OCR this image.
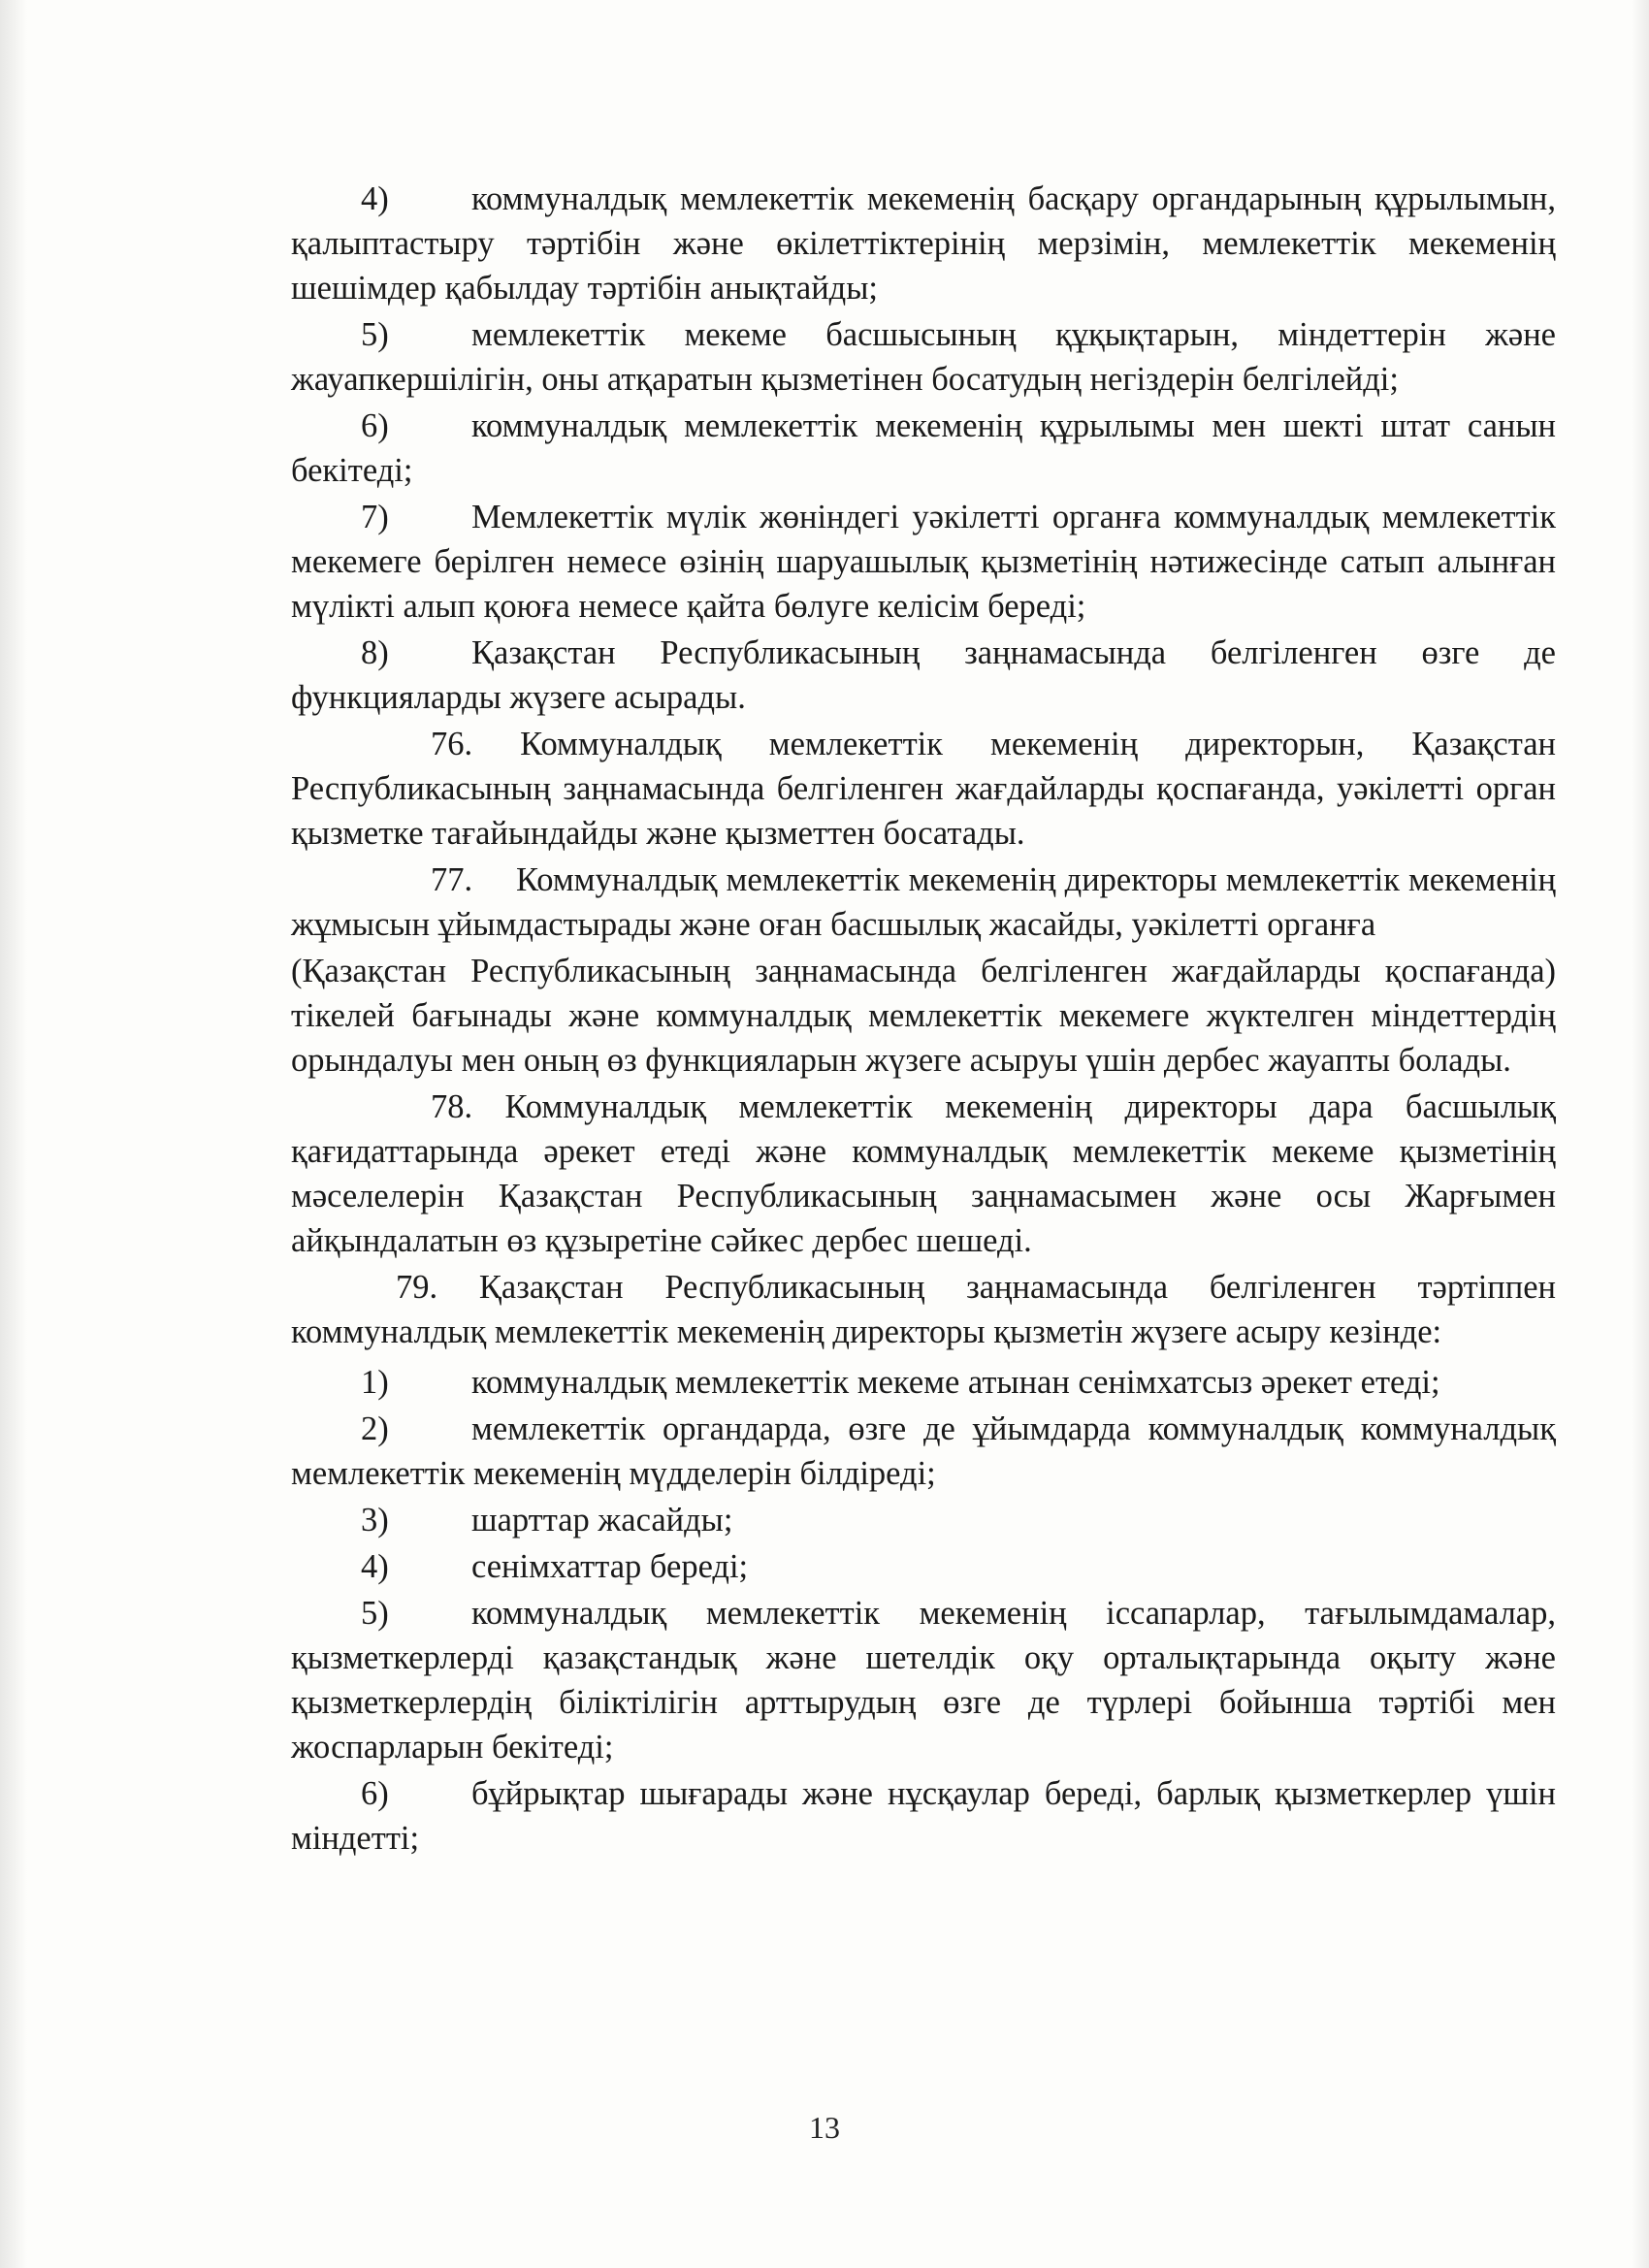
4) коммуналдық мемлекеттік мекеменің басқару органдарының құрылымын, қалыптастыру тәртібін және өкілеттіктерінің мерзімін, мемлекеттік мекеменің шешімдер қабылдау тәртібін анықтайды;

5) мемлекеттік мекеме басшысының құқықтарын, міндеттерін және жауапкершілігін, оны атқаратын қызметінен босатудың негіздерін белгілейді;

6) коммуналдық мемлекеттік мекеменің құрылымы мен шекті штат санын бекітеді;

7) Мемлекеттік мүлік жөніндегі уәкілетті органға коммуналдық мемлекеттік мекемеге берілген немесе өзінің шаруашылық қызметінің нәтижесінде сатып алынған мүлікті алып қоюға немесе қайта бөлуге келісім береді;

8) Қазақстан Республикасының заңнамасында белгіленген өзге де функцияларды жүзеге асырады.

76. Коммуналдық мемлекеттік мекеменің директорын, Қазақстан Республикасының заңнамасында белгіленген жағдайларды қоспағанда, уәкілетті орган қызметке тағайындайды және қызметтен босатады.

77. Коммуналдық мемлекеттік мекеменің директоры мемлекеттік мекеменің жұмысын ұйымдастырады және оған басшылық жасайды, уәкілетті органға

(Қазақстан Республикасының заңнамасында белгіленген жағдайларды қоспағанда) тікелей бағынады және коммуналдық мемлекеттік мекемеге жүктелген міндеттердің орындалуы мен оның өз функцияларын жүзеге асыруы үшін дербес жауапты болады.

78. Коммуналдық мемлекеттік мекеменің директоры дара басшылық қағидаттарында әрекет етеді және коммуналдық мемлекеттік мекеме қызметінің мәселелерін Қазақстан Республикасының заңнамасымен және осы Жарғымен айқындалатын өз құзыретіне сәйкес дербес шешеді.

79. Қазақстан Республикасының заңнамасында белгіленген тәртіппен коммуналдық мемлекеттік мекеменің директоры қызметін жүзеге асыру кезінде:

1) коммуналдық мемлекеттік мекеме атынан сенімхатсыз әрекет етеді;

2) мемлекеттік органдарда, өзге де ұйымдарда коммуналдық коммуналдық мемлекеттік мекеменің мүдделерін білдіреді;

3) шарттар жасайды;

4) сенімхаттар береді;

5) коммуналдық мемлекеттік мекеменің іссапарлар, тағылымдамалар, қызметкерлерді қазақстандық және шетелдік оқу орталықтарында оқыту және қызметкерлердің біліктілігін арттырудың өзге де түрлері бойынша тәртібі мен жоспарларын бекітеді;

6) бұйрықтар шығарады және нұсқаулар береді, барлық қызметкерлер үшін міндетті;

13
